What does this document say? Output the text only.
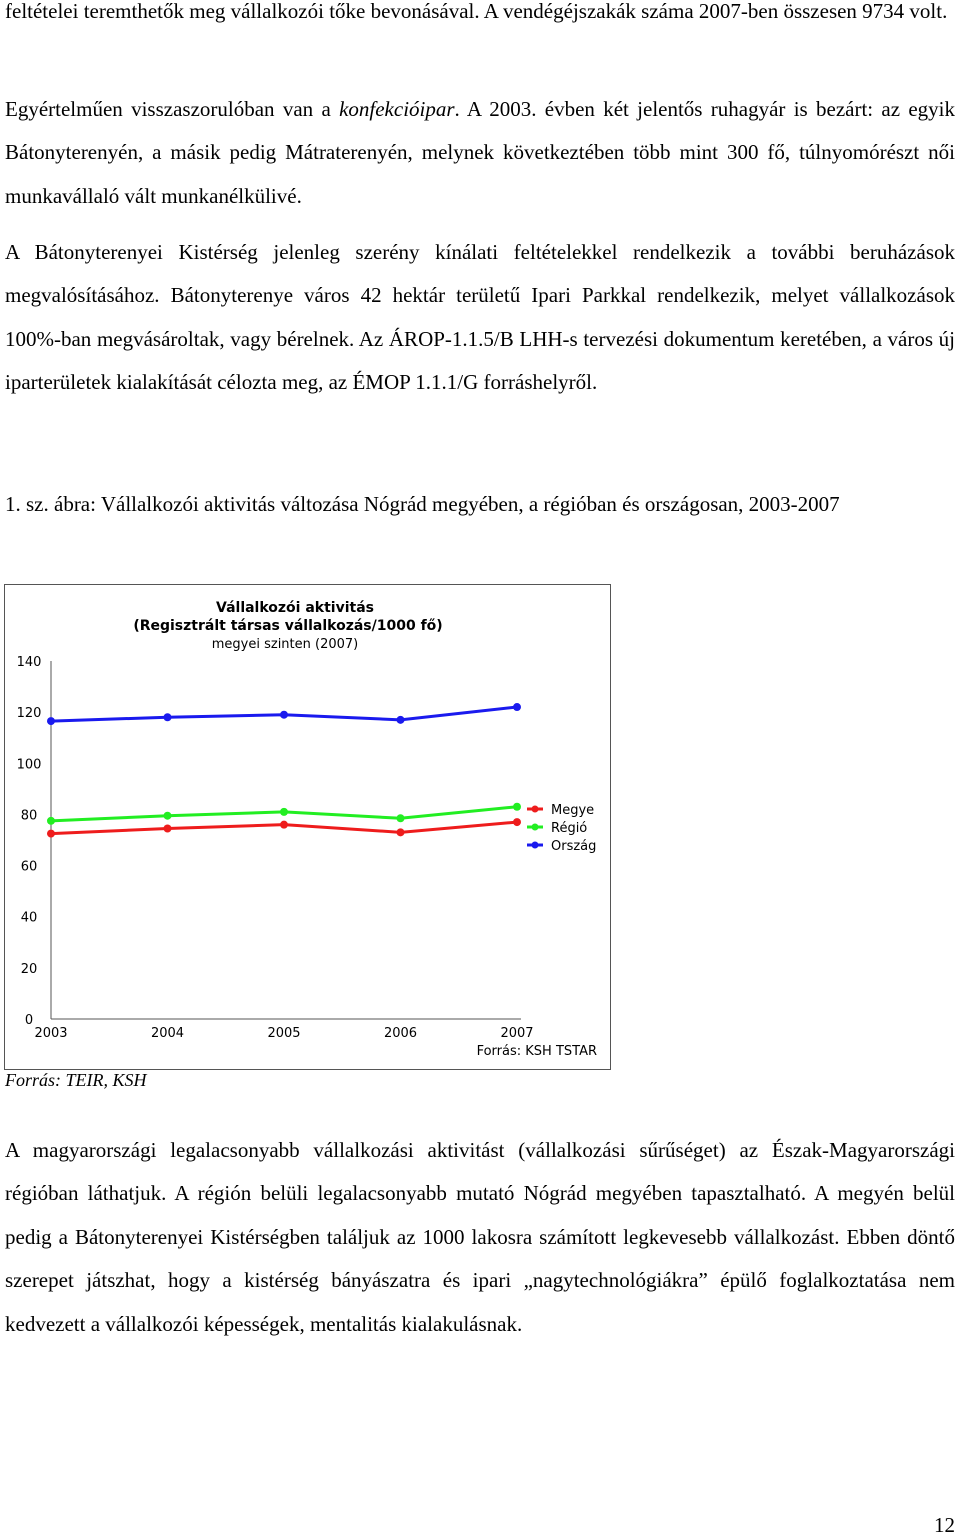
feltételei teremthetők meg vállalkozói tőke bevonásával. A vendégéjszakák száma 2007-ben összesen 9734 volt.

Egyértelműen visszaszorulóban van a konfekcióipar. A 2003. évben két jelentős ruhagyár is bezárt: az egyik Bátonyterenyén, a másik pedig Mátraterenyén, melynek következtében több mint 300 fő, túlnyomórészt női munkavállaló vált munkanélkülivé.

A Bátonyterenyei Kistérség jelenleg szerény kínálati feltételekkel rendelkezik a további beruházások megvalósításához. Bátonyterenye város 42 hektár területű Ipari Parkkal rendelkezik, melyet vállalkozások 100%-ban megvásároltak, vagy bérelnek. Az ÁROP-1.1.5/B LHH-s tervezési dokumentum keretében, a város új iparterületek kialakítását célozta meg, az ÉMOP 1.1.1/G forráshelyről.

1. sz. ábra: Vállalkozói aktivitás változása Nógrád megyében, a régióban és országosan, 2003-2007

Vállalkozói aktivitás
(Regisztrált társas vállalkozás/1000 fő)
megyei szinten (2007)
0
20
40
60
80
100
120
140
2003	2004	2005	2006	2007
Megye
Régió
Ország
Forrás: KSH TSTAR

Forrás: TEIR, KSH

A magyarországi legalacsonyabb vállalkozási aktivitást (vállalkozási sűrűséget) az Észak-Magyarországi régióban láthatjuk. A régión belüli legalacsonyabb mutató Nógrád megyében tapasztalható. A megyén belül pedig a Bátonyterenyei Kistérségben találjuk az 1000 lakosra számított legkevesebb vállalkozást. Ebben döntő szerepet játszhat, hogy a kistérség bányászatra és ipari „nagytechnológiákra” épülő foglalkoztatása nem kedvezett a vállalkozói képességek, mentalitás kialakulásnak.

12
